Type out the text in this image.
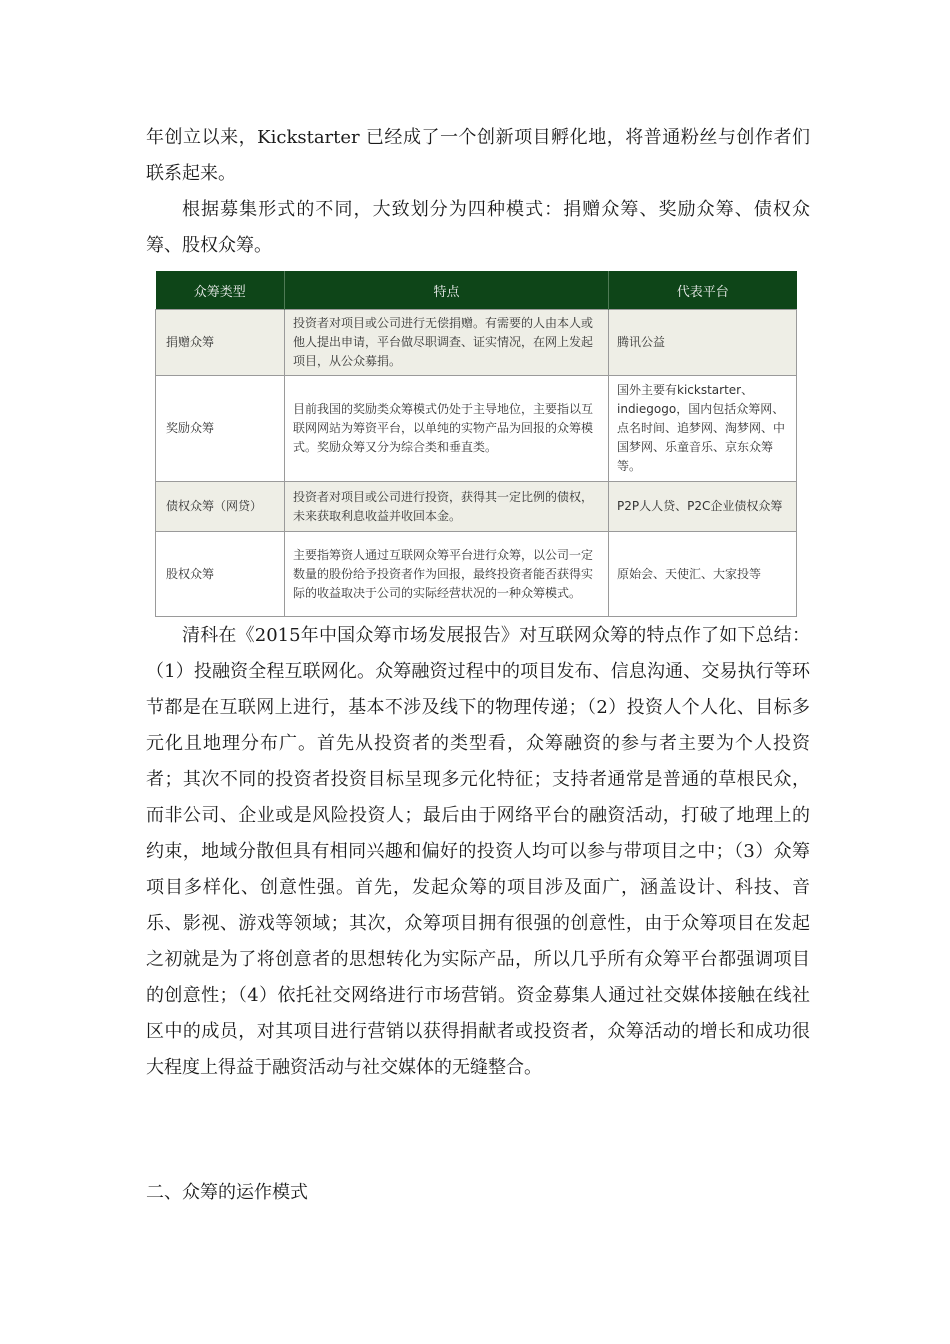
年创立以来，Kickstarter 已经成了一个创新项目孵化地，将普通粉丝与创作者们联系起来。

根据募集形式的不同，大致划分为四种模式：捐赠众筹、奖励众筹、债权众筹、股权众筹。

众筹类型	特点	代表平台
捐赠众筹	投资者对项目或公司进行无偿捐赠。有需要的人由本人或他人提出申请，平台做尽职调查、证实情况，在网上发起项目，从公众募捐。	腾讯公益
奖励众筹	目前我国的奖励类众筹模式仍处于主导地位，主要指以互联网网站为筹资平台，以单纯的实物产品为回报的众筹模式。奖励众筹又分为综合类和垂直类。	国外主要有kickstarter、indiegogo，国内包括众筹网、点名时间、追梦网、淘梦网、中国梦网、乐童音乐、京东众筹等。
债权众筹（网贷）	投资者对项目或公司进行投资，获得其一定比例的债权，未来获取利息收益并收回本金。	P2P人人贷、P2C企业债权众筹
股权众筹	主要指筹资人通过互联网众筹平台进行众筹，以公司一定数量的股份给予投资者作为回报，最终投资者能否获得实际的收益取决于公司的实际经营状况的一种众筹模式。	原始会、天使汇、大家投等

清科在《2015年中国众筹市场发展报告》对互联网众筹的特点作了如下总结：（1）投融资全程互联网化。众筹融资过程中的项目发布、信息沟通、交易执行等环节都是在互联网上进行，基本不涉及线下的物理传递；（2）投资人个人化、目标多元化且地理分布广。首先从投资者的类型看，众筹融资的参与者主要为个人投资者；其次不同的投资者投资目标呈现多元化特征；支持者通常是普通的草根民众，而非公司、企业或是风险投资人；最后由于网络平台的融资活动，打破了地理上的约束，地域分散但具有相同兴趣和偏好的投资人均可以参与带项目之中；（3）众筹项目多样化、创意性强。首先，发起众筹的项目涉及面广，涵盖设计、科技、音乐、影视、游戏等领域；其次，众筹项目拥有很强的创意性，由于众筹项目在发起之初就是为了将创意者的思想转化为实际产品，所以几乎所有众筹平台都强调项目的创意性；（4）依托社交网络进行市场营销。资金募集人通过社交媒体接触在线社区中的成员，对其项目进行营销以获得捐献者或投资者，众筹活动的增长和成功很大程度上得益于融资活动与社交媒体的无缝整合。

二、众筹的运作模式
